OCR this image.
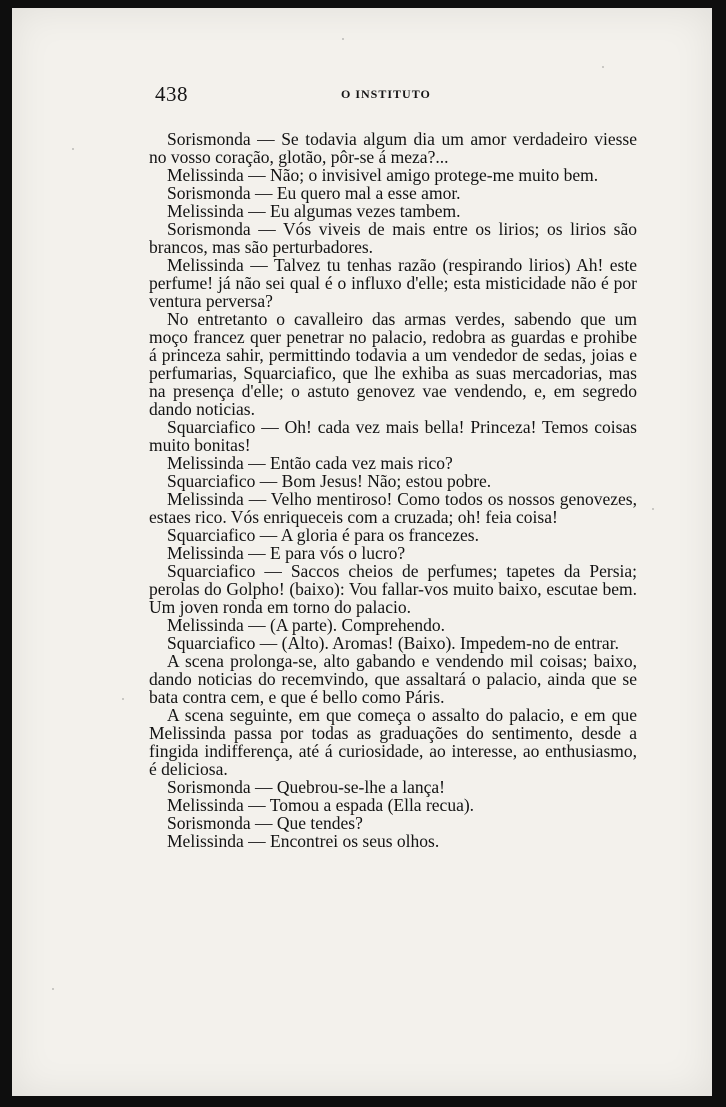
438	O INSTITUTO

Sorismonda — Se todavia algum dia um amor verdadeiro viesse no vosso coração, glotão, pôr-se á meza?...

Melissinda — Não; o invisivel amigo protege-me muito bem.

Sorismonda — Eu quero mal a esse amor.

Melissinda — Eu algumas vezes tambem.

Sorismonda — Vós viveis de mais entre os lirios; os lirios são brancos, mas são perturbadores.

Melissinda — Talvez tu tenhas razão (respirando lirios) Ah! este perfume! já não sei qual é o influxo d'elle; esta misticidade não é por ventura perversa?

No entretanto o cavalleiro das armas verdes, sabendo que um moço francez quer penetrar no palacio, redobra as guardas e prohibe á princeza sahir, permittindo todavia a um vendedor de sedas, joias e perfumarias, Squarciafico, que lhe exhiba as suas mercadorias, mas na presença d'elle; o astuto genovez vae vendendo, e, em segredo dando noticias.

Squarciafico — Oh! cada vez mais bella! Princeza! Temos coisas muito bonitas!

Melissinda — Então cada vez mais rico?

Squarciafico — Bom Jesus! Não; estou pobre.

Melissinda — Velho mentiroso! Como todos os nossos genovezes, estaes rico. Vós enriqueceis com a cruzada; oh! feia coisa!

Squarciafico — A gloria é para os francezes.

Melissinda — E para vós o lucro?

Squarciafico — Saccos cheios de perfumes; tapetes da Persia; perolas do Golpho! (baixo): Vou fallar-vos muito baixo, escutae bem. Um joven ronda em torno do palacio.

Melissinda — (A parte). Comprehendo.

Squarciafico — (Alto). Aromas! (Baixo). Impedem-no de entrar.

A scena prolonga-se, alto gabando e vendendo mil coisas; baixo, dando noticias do recemvindo, que assaltará o palacio, ainda que se bata contra cem, e que é bello como Páris.

A scena seguinte, em que começa o assalto do palacio, e em que Melissinda passa por todas as graduações do sentimento, desde a fingida indifferença, até á curiosidade, ao interesse, ao enthusiasmo, é deliciosa.

Sorismonda — Quebrou-se-lhe a lança!

Melissinda — Tomou a espada (Ella recua).

Sorismonda — Que tendes?

Melissinda — Encontrei os seus olhos.
